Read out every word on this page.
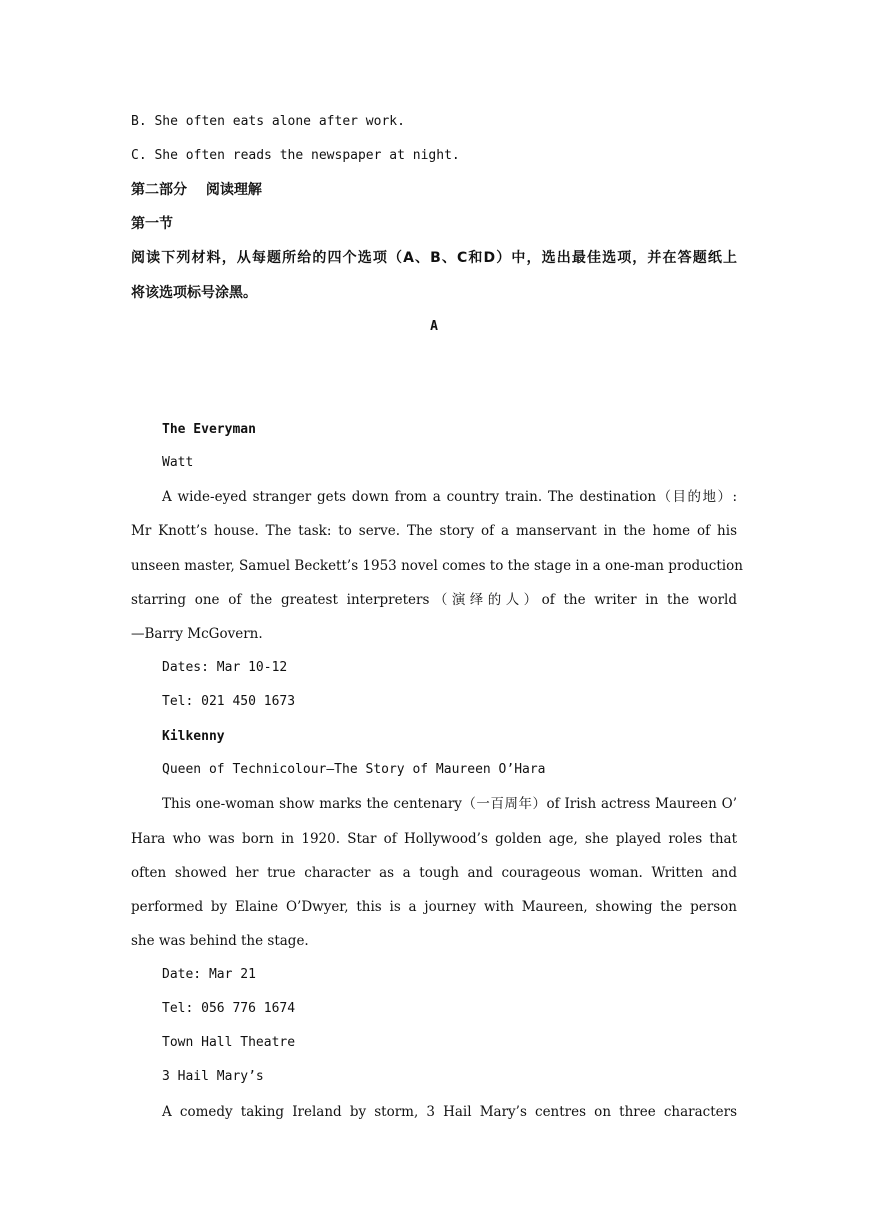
B. She often eats alone after work.
C. She often reads the newspaper at night.
第二部分　 阅读理解
第一节
阅读下列材料，从每题所给的四个选项（A、B、C和D）中，选出最佳选项，并在答题纸上
将该选项标号涂黑。
A
The Everyman
Watt
A wide-eyed stranger gets down from a country train. The destination（目的地）:
Mr Knott’s house. The task: to serve. The story of a manservant in the home of his
unseen master, Samuel Beckett’s 1953 novel comes to the stage in a one-man production
starring one of the greatest interpreters（演绎的人）of the writer in the world
—Barry McGovern.
Dates: Mar 10-12
Tel: 021 450 1673
Kilkenny
Queen of Technicolour—The Story of Maureen O’Hara
This one-woman show marks the centenary（一百周年）of Irish actress Maureen O’
Hara who was born in 1920. Star of Hollywood’s golden age, she played roles that
often showed her true character as a tough and courageous woman. Written and
performed by Elaine O’Dwyer, this is a journey with Maureen, showing the person
she was behind the stage.
Date: Mar 21
Tel: 056 776 1674
Town Hall Theatre
3 Hail Mary’s
A comedy taking Ireland by storm, 3 Hail Mary’s centres on three characters
